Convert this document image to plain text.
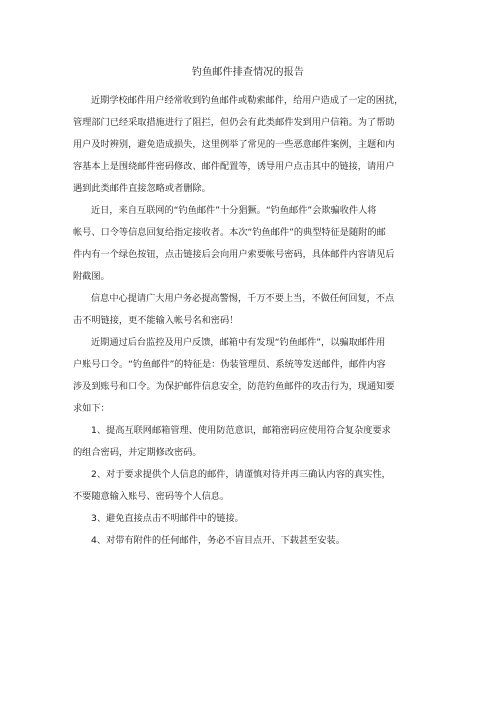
钓鱼邮件排查情况的报告

近期学校邮件用户经常收到钓鱼邮件或勒索邮件，给用户造成了一定的困扰，
管理部门已经采取措施进行了阻拦，但仍会有此类邮件发到用户信箱。为了帮助
用户及时辨别，避免造成损失，这里例举了常见的一些恶意邮件案例，主题和内
容基本上是围绕邮件密码修改、邮件配置等，诱导用户点击其中的链接，请用户
遇到此类邮件直接忽略或者删除。

近日，来自互联网的“钓鱼邮件”十分猖獗。“钓鱼邮件”会欺骗收件人将
帐号、口令等信息回复给指定接收者。本次“钓鱼邮件”的典型特征是随附的邮
件内有一个绿色按钮，点击链接后会向用户索要帐号密码，具体邮件内容请见后
附截图。

信息中心提请广大用户务必提高警惕，千万不要上当，不做任何回复，不点
击不明链接，更不能输入帐号名和密码！

近期通过后台监控及用户反馈，邮箱中有发现“钓鱼邮件”，以骗取邮件用
户账号口令。“钓鱼邮件”的特征是：伪装管理员、系统等发送邮件，邮件内容
涉及到账号和口令。为保护邮件信息安全，防范钓鱼邮件的攻击行为，现通知要
求如下：

1、提高互联网邮箱管理、使用防范意识，邮箱密码应使用符合复杂度要求
的组合密码，并定期修改密码。

2、对于要求提供个人信息的邮件，请谨慎对待并再三确认内容的真实性，
不要随意输入账号、密码等个人信息。

3、避免直接点击不明邮件中的链接。

4、对带有附件的任何邮件，务必不盲目点开、下载甚至安装。
